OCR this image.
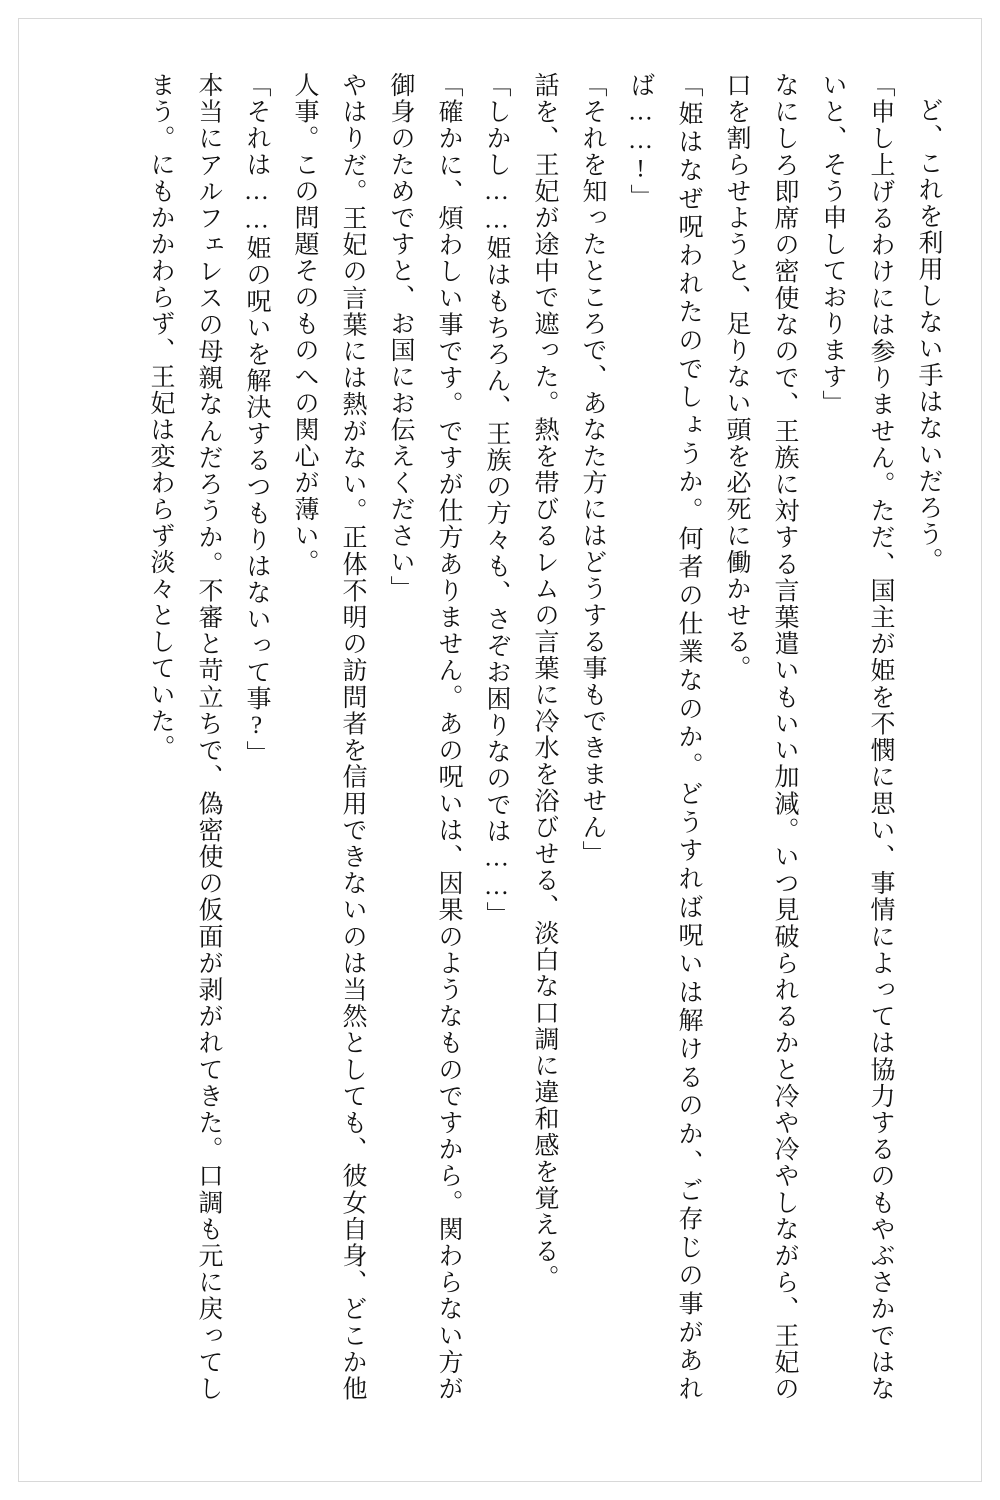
ど、これを利用しない手はないだろう。

「申し上げるわけには参りません。ただ、国主が姫を不憫に思い、事情によっては協力するのもやぶさかではないと、そう申しております」

なにしろ即席の密使なので、王族に対する言葉遣いもいい加減。いつ見破られるかと冷や冷やしながら、王妃の口を割らせようと、足りない頭を必死に働かせる。

「姫はなぜ呪われたのでしょうか。何者の仕業なのか。どうすれば呪いは解けるのか、ご存じの事があれば……!」

「それを知ったところで、あなた方にはどうする事もできません」

話を、王妃が途中で遮った。熱を帯びるレムの言葉に冷水を浴びせる、淡白な口調に違和感を覚える。

「しかし……姫はもちろん、王族の方々も、さぞお困りなのでは……」

「確かに、煩わしい事です。ですが仕方ありません。あの呪いは、因果のようなものですから。関わらない方が御身のためですと、お国にお伝えください」

やはりだ。王妃の言葉には熱がない。正体不明の訪問者を信用できないのは当然としても、彼女自身、どこか他人事。この問題そのものへの関心が薄い。

「それは……姫の呪いを解決するつもりはないって事?」

本当にアルフェレスの母親なんだろうか。不審と苛立ちで、偽密使の仮面が剥がれてきた。口調も元に戻ってしまう。にもかかわらず、王妃は変わらず淡々としていた。
